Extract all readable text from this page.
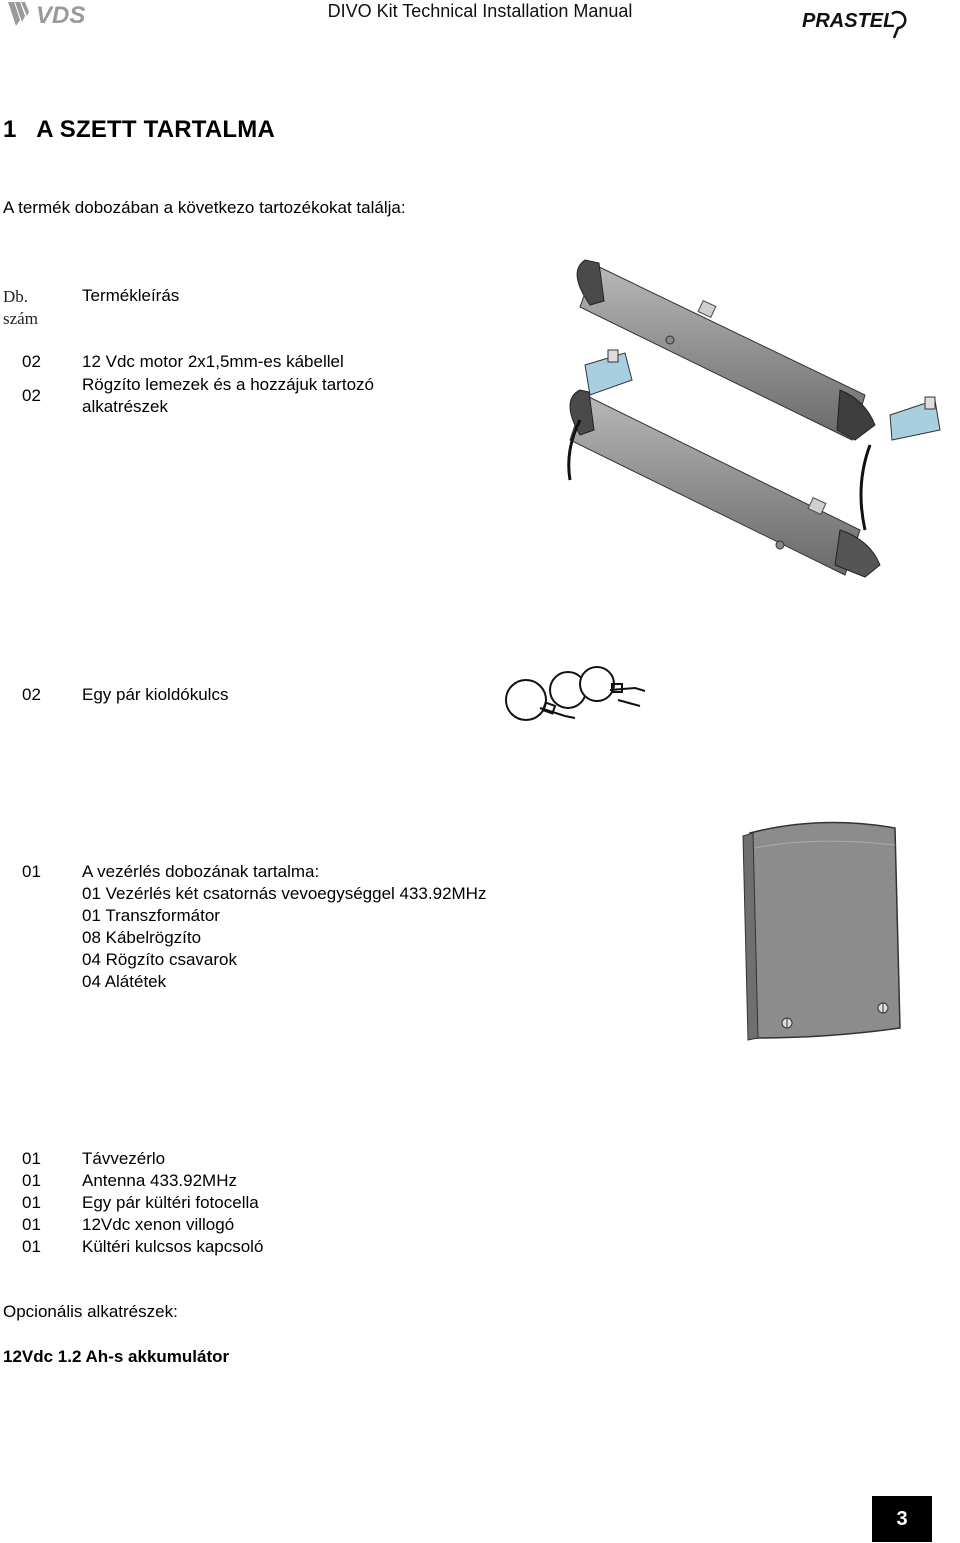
VDS	DIVO Kit Technical Installation Manual	PRASTEL
1   A SZETT TARTALMA
A termék dobozában a következo tartozékokat találja:
Db.
szám
Termékleírás
02 12 Vdc motor 2x1,5mm-es kábellel
02
Rögzíto lemezek és a hozzájuk tartozó
alkatrészek
02 Egy pár kioldókulcs
01 A vezérlés dobozának tartalma:
01 Vezérlés két csatornás vevoegységgel 433.92MHz
01 Transzformátor
08 Kábelrögzíto
04 Rögzíto csavarok
04 Alátétek
01 Távvezérlo
01 Antenna 433.92MHz
01 Egy pár kültéri fotocella
01 12Vdc xenon villogó
01 Kültéri kulcsos kapcsoló
Opcionális alkatrészek:
12Vdc 1.2 Ah-s akkumulátor
3
